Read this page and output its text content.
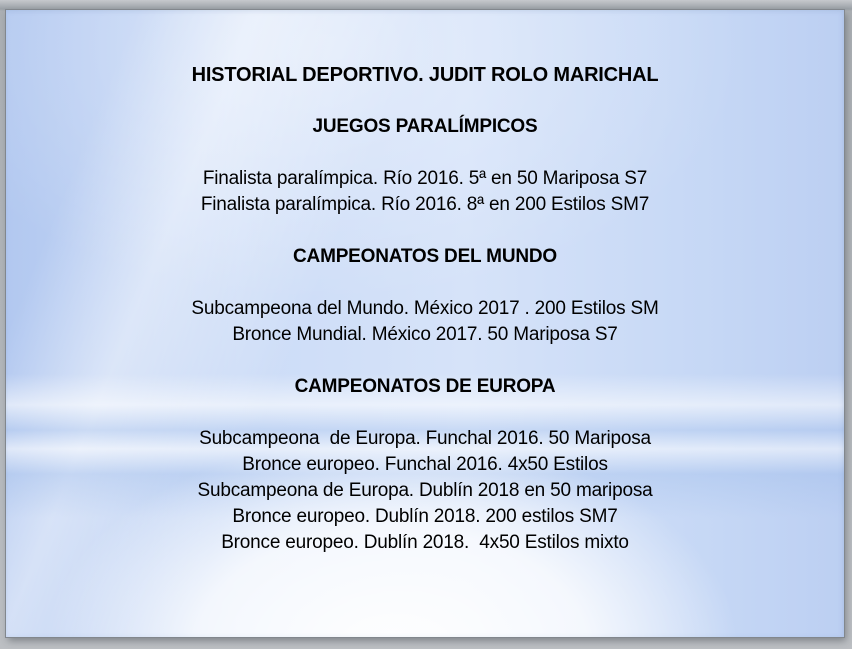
HISTORIAL DEPORTIVO. JUDIT ROLO MARICHAL
JUEGOS PARALÍMPICOS
Finalista paralímpica. Río 2016. 5ª en 50 Mariposa S7
Finalista paralímpica. Río 2016. 8ª en 200 Estilos SM7
CAMPEONATOS DEL MUNDO
Subcampeona del Mundo. México 2017 . 200 Estilos SM
Bronce Mundial. México 2017. 50 Mariposa S7
CAMPEONATOS DE EUROPA
Subcampeona  de Europa. Funchal 2016. 50 Mariposa
Bronce europeo. Funchal 2016. 4x50 Estilos
Subcampeona de Europa. Dublín 2018 en 50 mariposa
Bronce europeo. Dublín 2018. 200 estilos SM7
Bronce europeo. Dublín 2018.  4x50 Estilos mixto
